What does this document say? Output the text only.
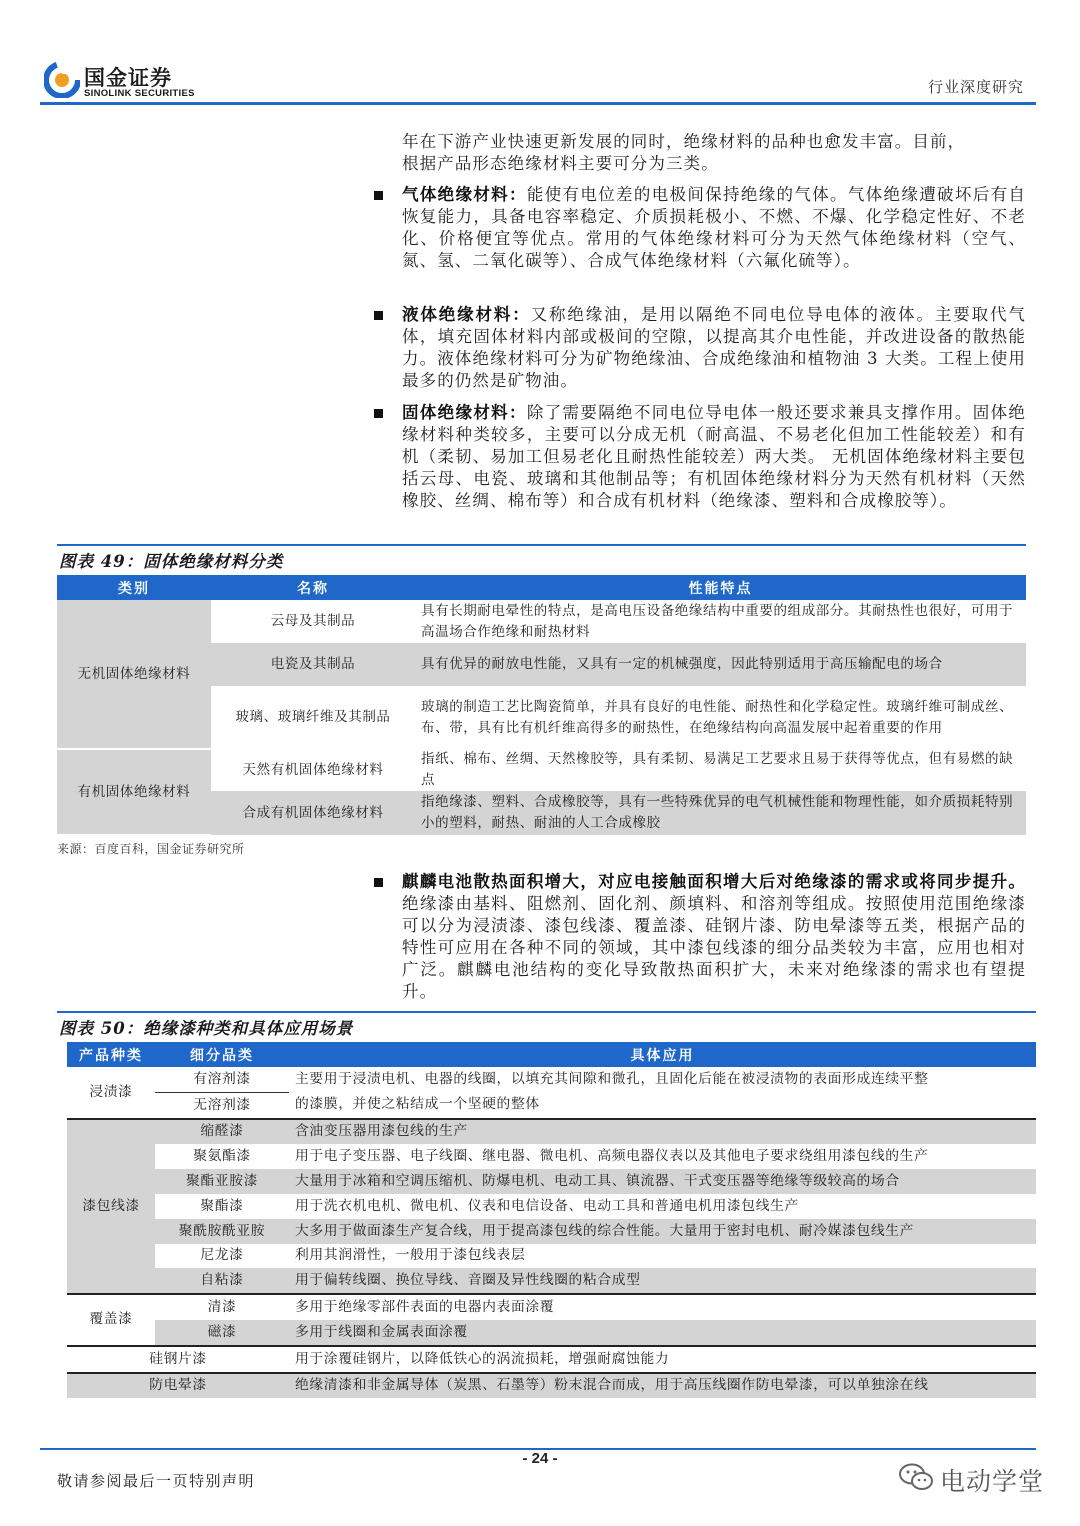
国金证券
SINOLINK SECURITIES	行业深度研究
年在下游产业快速更新发展的同时，绝缘材料的品种也愈发丰富。目前，
根据产品形态绝缘材料主要可分为三类。
气体绝缘材料：能使有电位差的电极间保持绝缘的气体。气体绝缘遭破坏后有自恢复能力，具备电容率稳定、介质损耗极小、不燃、不爆、化学稳定性好、不老化、价格便宜等优点。常用的气体绝缘材料可分为天然气体绝缘材料（空气、氮、氢、二氧化碳等）、合成气体绝缘材料（六氟化硫等）。
液体绝缘材料：又称绝缘油，是用以隔绝不同电位导电体的液体。主要取代气体，填充固体材料内部或极间的空隙，以提高其介电性能，并改进设备的散热能力。液体绝缘材料可分为矿物绝缘油、合成绝缘油和植物油 3 大类。工程上使用最多的仍然是矿物油。
固体绝缘材料：除了需要隔绝不同电位导电体一般还要求兼具支撑作用。固体绝缘材料种类较多，主要可以分成无机（耐高温、不易老化但加工性能较差）和有机（柔韧、易加工但易老化且耐热性能较差）两大类。 无机固体绝缘材料主要包括云母、电瓷、玻璃和其他制品等；有机固体绝缘材料分为天然有机材料（天然橡胶、丝绸、棉布等）和合成有机材料（绝缘漆、塑料和合成橡胶等）。
图表 49：固体绝缘材料分类
类别	名称	性能特点
无机固体绝缘材料	云母及其制品	具有长期耐电晕性的特点，是高电压设备绝缘结构中重要的组成部分。其耐热性也很好，可用于高温场合作绝缘和耐热材料
	电瓷及其制品	具有优异的耐放电性能，又具有一定的机械强度，因此特别适用于高压输配电的场合
	玻璃、玻璃纤维及其制品	玻璃的制造工艺比陶瓷简单，并具有良好的电性能、耐热性和化学稳定性。玻璃纤维可制成丝、布、带，具有比有机纤维高得多的耐热性，在绝缘结构向高温发展中起着重要的作用
有机固体绝缘材料	天然有机固体绝缘材料	指纸、棉布、丝绸、天然橡胶等，具有柔韧、易满足工艺要求且易于获得等优点，但有易燃的缺点
	合成有机固体绝缘材料	指绝缘漆、塑料、合成橡胶等，具有一些特殊优异的电气机械性能和物理性能，如介质损耗特别小的塑料，耐热、耐油的人工合成橡胶
来源：百度百科，国金证券研究所
麒麟电池散热面积增大，对应电接触面积增大后对绝缘漆的需求或将同步提升。绝缘漆由基料、阻燃剂、固化剂、颜填料、和溶剂等组成。按照使用范围绝缘漆可以分为浸渍漆、漆包线漆、覆盖漆、硅钢片漆、防电晕漆等五类，根据产品的特性可应用在各种不同的领域，其中漆包线漆的细分品类较为丰富，应用也相对广泛。麒麟电池结构的变化导致散热面积扩大，未来对绝缘漆的需求也有望提升。
图表 50：绝缘漆种类和具体应用场景
产品种类	细分品类	具体应用
浸渍漆	有溶剂漆	主要用于浸渍电机、电器的线圈，以填充其间隙和微孔，且固化后能在被浸渍物的表面形成连续平整
	无溶剂漆	的漆膜，并使之粘结成一个坚硬的整体
漆包线漆	缩醛漆	含油变压器用漆包线的生产
	聚氨酯漆	用于电子变压器、电子线圈、继电器、微电机、高频电器仪表以及其他电子要求绕组用漆包线的生产
	聚酯亚胺漆	大量用于冰箱和空调压缩机、防爆电机、电动工具、镇流器、干式变压器等绝缘等级较高的场合
	聚酯漆	用于洗衣机电机、微电机、仪表和电信设备、电动工具和普通电机用漆包线生产
	聚酰胺酰亚胺	大多用于做面漆生产复合线，用于提高漆包线的综合性能。大量用于密封电机、耐冷媒漆包线生产
	尼龙漆	利用其润滑性，一般用于漆包线表层
	自粘漆	用于偏转线圈、换位导线、音圈及异性线圈的粘合成型
覆盖漆	清漆	多用于绝缘零部件表面的电器内表面涂覆
	磁漆	多用于线圈和金属表面涂覆
硅钢片漆		用于涂覆硅钢片，以降低铁心的涡流损耗，增强耐腐蚀能力
防电晕漆		绝缘清漆和非金属导体（炭黑、石墨等）粉末混合而成，用于高压线圈作防电晕漆，可以单独涂在线
- 24 -
敬请参阅最后一页特别声明	电动学堂
